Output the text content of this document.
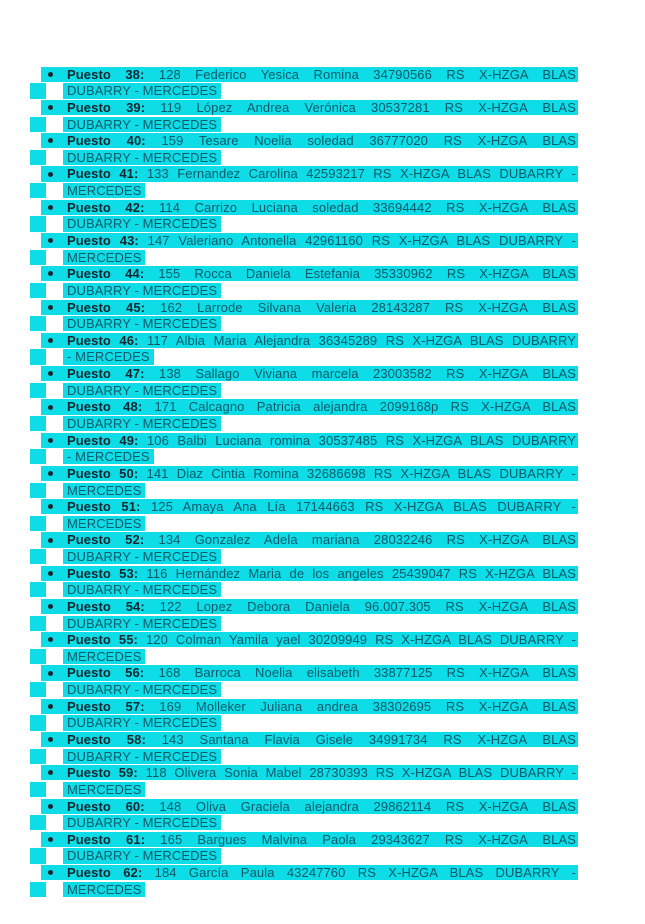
Puesto 38: 128 Federico Yesica Romina 34790566 RS X-HZGA BLAS
DUBARRY - MERCEDES
Puesto 39: 119 López Andrea Verónica 30537281 RS X-HZGA BLAS
DUBARRY - MERCEDES
Puesto 40: 159 Tesare Noelia soledad 36777020 RS X-HZGA BLAS
DUBARRY - MERCEDES
Puesto 41: 133 Fernandez Carolina 42593217 RS X-HZGA BLAS DUBARRY -
MERCEDES
Puesto 42: 114 Carrizo Luciana soledad 33694442 RS X-HZGA BLAS
DUBARRY - MERCEDES
Puesto 43: 147 Valeriano Antonella 42961160 RS X-HZGA BLAS DUBARRY -
MERCEDES
Puesto 44: 155 Rocca Daniela Estefania 35330962 RS X-HZGA BLAS
DUBARRY - MERCEDES
Puesto 45: 162 Larrode Silvana Valeria 28143287 RS X-HZGA BLAS
DUBARRY - MERCEDES
Puesto 46: 117 Albia Maria Alejandra 36345289 RS X-HZGA BLAS DUBARRY
- MERCEDES
Puesto 47: 138 Sallago Viviana marcela 23003582 RS X-HZGA BLAS
DUBARRY - MERCEDES
Puesto 48: 171 Calcagno Patricia alejandra 2099168p RS X-HZGA BLAS
DUBARRY - MERCEDES
Puesto 49: 106 Balbi Luciana romina 30537485 RS X-HZGA BLAS DUBARRY
- MERCEDES
Puesto 50: 141 Diaz Cintia Romina 32686698 RS X-HZGA BLAS DUBARRY -
MERCEDES
Puesto 51: 125 Amaya Ana Lía 17144663 RS X-HZGA BLAS DUBARRY -
MERCEDES
Puesto 52: 134 Gonzalez Adela mariana 28032246 RS X-HZGA BLAS
DUBARRY - MERCEDES
Puesto 53: 116 Hernández Maria de los angeles 25439047 RS X-HZGA BLAS
DUBARRY - MERCEDES
Puesto 54: 122 Lopez Debora Daniela 96.007.305 RS X-HZGA BLAS
DUBARRY - MERCEDES
Puesto 55: 120 Colman Yamila yael 30209949 RS X-HZGA BLAS DUBARRY -
MERCEDES
Puesto 56: 168 Barroca Noelia elisabeth 33877125 RS X-HZGA BLAS
DUBARRY - MERCEDES
Puesto 57: 169 Molleker Juliana andrea 38302695 RS X-HZGA BLAS
DUBARRY - MERCEDES
Puesto 58: 143 Santana Flavia Gisele 34991734 RS X-HZGA BLAS
DUBARRY - MERCEDES
Puesto 59: 118 Olivera Sonia Mabel 28730393 RS X-HZGA BLAS DUBARRY -
MERCEDES
Puesto 60: 148 Oliva Graciela alejandra 29862114 RS X-HZGA BLAS
DUBARRY - MERCEDES
Puesto 61: 165 Bargues Malvina Paola 29343627 RS X-HZGA BLAS
DUBARRY - MERCEDES
Puesto 62: 184 García Paula 43247760 RS X-HZGA BLAS DUBARRY -
MERCEDES
